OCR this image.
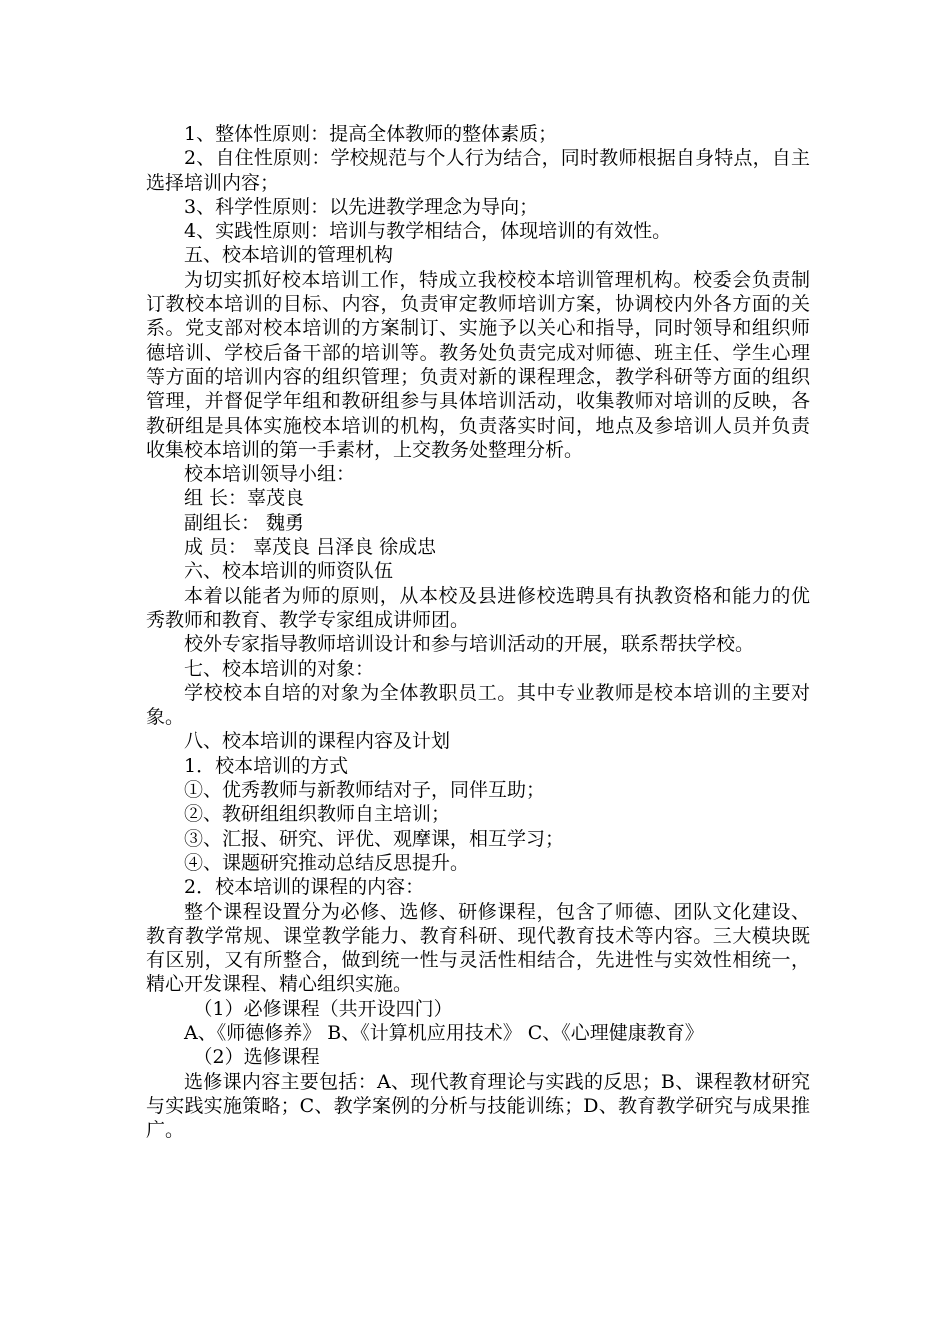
1、整体性原则：提高全体教师的整体素质；

2、自住性原则：学校规范与个人行为结合，同时教师根据自身特点，自主选择培训内容；

3、科学性原则：以先进教学理念为导向；

4、实践性原则：培训与教学相结合，体现培训的有效性。

五、校本培训的管理机构

为切实抓好校本培训工作，特成立我校校本培训管理机构。校委会负责制订教校本培训的目标、内容，负责审定教师培训方案，协调校内外各方面的关系。党支部对校本培训的方案制订、实施予以关心和指导，同时领导和组织师德培训、学校后备干部的培训等。教务处负责完成对师德、班主任、学生心理等方面的培训内容的组织管理；负责对新的课程理念，教学科研等方面的组织管理，并督促学年组和教研组参与具体培训活动，收集教师对培训的反映，各教研组是具体实施校本培训的机构，负责落实时间，地点及参培训人员并负责收集校本培训的第一手素材，上交教务处整理分析。

校本培训领导小组：

组 长：辜茂良

副组长： 魏勇

成 员： 辜茂良 吕泽良 徐成忠

六、校本培训的师资队伍

本着以能者为师的原则，从本校及县进修校选聘具有执教资格和能力的优秀教师和教育、教学专家组成讲师团。

校外专家指导教师培训设计和参与培训活动的开展，联系帮扶学校。

七、校本培训的对象：

学校校本自培的对象为全体教职员工。其中专业教师是校本培训的主要对象。

八、校本培训的课程内容及计划

1．校本培训的方式

①、优秀教师与新教师结对子，同伴互助；

②、教研组组织教师自主培训；

③、汇报、研究、评优、观摩课，相互学习；

④、课题研究推动总结反思提升。

2．校本培训的课程的内容：

整个课程设置分为必修、选修、研修课程，包含了师德、团队文化建设、教育教学常规、课堂教学能力、教育科研、现代教育技术等内容。三大模块既有区别，又有所整合，做到统一性与灵活性相结合，先进性与实效性相统一，精心开发课程、精心组织实施。

（1）必修课程（共开设四门）

A、《师德修养》 B、《计算机应用技术》 C、《心理健康教育》

（2）选修课程

选修课内容主要包括：A、现代教育理论与实践的反思；B、课程教材研究与实践实施策略；C、教学案例的分析与技能训练；D、教育教学研究与成果推广。
